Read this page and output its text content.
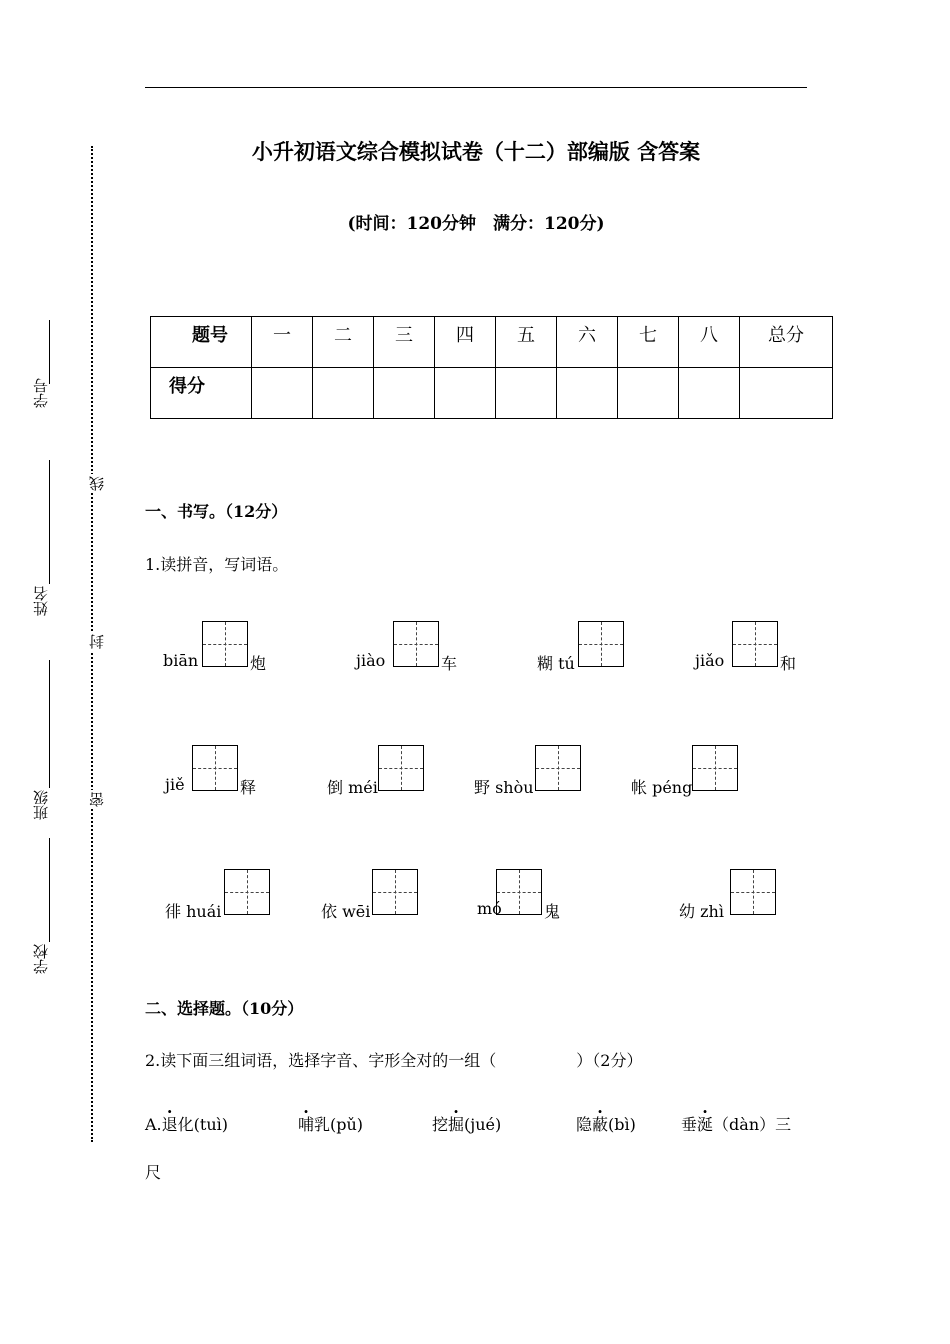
小升初语文综合模拟试卷（十二）部编版 含答案
(时间：120分钟　满分：120分)
学号
姓名
班级
学校
线
封
密
题号	一	二	三	四	五	六	七	八	总分
得分									
一、书写。（12分）
1.读拼音，写词语。
biān	炮	jiào	车	糊 tú	jiǎo	和
jiě	释	倒 méi	野 shòu	帐 péng
徘 huái	依 wēi	mó	鬼	幼 zhì
二、选择题。（10分）
2.读下面三组词语，选择字音、字形全对的一组（　　　　　）（2分）
A.退化(tuì)	哺乳(pǔ)	挖掘(jué)	隐蔽(bì)	垂涎（dàn）三
尺
